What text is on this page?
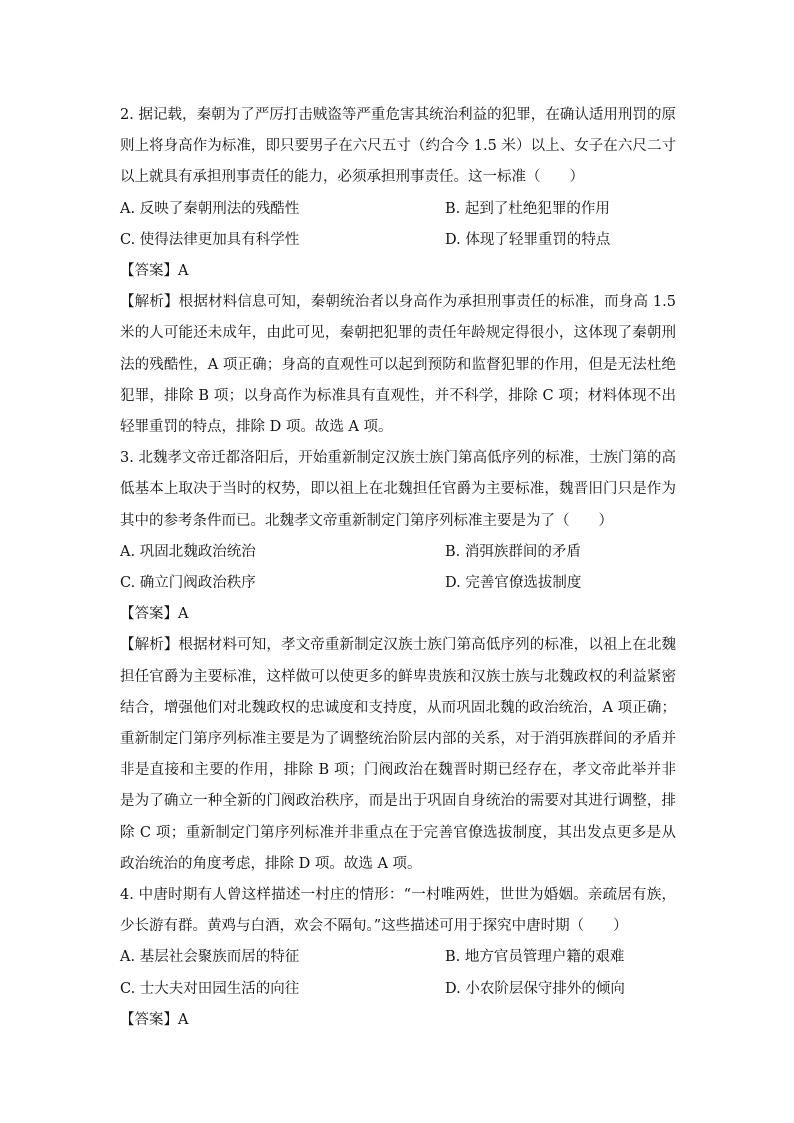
2. 据记载，秦朝为了严厉打击贼盗等严重危害其统治利益的犯罪，在确认适用刑罚的原则上将身高作为标准，即只要男子在六尺五寸（约合今 1.5 米）以上、女子在六尺二寸以上就具有承担刑事责任的能力，必须承担刑事责任。这一标准（　　）

A. 反映了秦朝刑法的残酷性	B. 起到了杜绝犯罪的作用
C. 使得法律更加具有科学性	D. 体现了轻罪重罚的特点

【答案】A

【解析】根据材料信息可知，秦朝统治者以身高作为承担刑事责任的标准，而身高 1.5 米的人可能还未成年，由此可见，秦朝把犯罪的责任年龄规定得很小，这体现了秦朝刑法的残酷性，A 项正确；身高的直观性可以起到预防和监督犯罪的作用，但是无法杜绝犯罪，排除 B 项；以身高作为标准具有直观性，并不科学，排除 C 项；材料体现不出轻罪重罚的特点，排除 D 项。故选 A 项。

3. 北魏孝文帝迁都洛阳后，开始重新制定汉族士族门第高低序列的标准，士族门第的高低基本上取决于当时的权势，即以祖上在北魏担任官爵为主要标准，魏晋旧门只是作为其中的参考条件而已。北魏孝文帝重新制定门第序列标准主要是为了（　　）

A. 巩固北魏政治统治	B. 消弭族群间的矛盾
C. 确立门阀政治秩序	D. 完善官僚选拔制度

【答案】A

【解析】根据材料可知，孝文帝重新制定汉族士族门第高低序列的标准，以祖上在北魏担任官爵为主要标准，这样做可以使更多的鲜卑贵族和汉族士族与北魏政权的利益紧密结合，增强他们对北魏政权的忠诚度和支持度，从而巩固北魏的政治统治，A 项正确；重新制定门第序列标准主要是为了调整统治阶层内部的关系，对于消弭族群间的矛盾并非是直接和主要的作用，排除 B 项；门阀政治在魏晋时期已经存在，孝文帝此举并非是为了确立一种全新的门阀政治秩序，而是出于巩固自身统治的需要对其进行调整，排除 C 项；重新制定门第序列标准并非重点在于完善官僚选拔制度，其出发点更多是从政治统治的角度考虑，排除 D 项。故选 A 项。

4. 中唐时期有人曾这样描述一村庄的情形：“一村唯两姓，世世为婚姻。亲疏居有族，少长游有群。黄鸡与白酒，欢会不隔旬。”这些描述可用于探究中唐时期（　　）

A. 基层社会聚族而居的特征	B. 地方官员管理户籍的艰难
C. 士大夫对田园生活的向往	D. 小农阶层保守排外的倾向

【答案】A
